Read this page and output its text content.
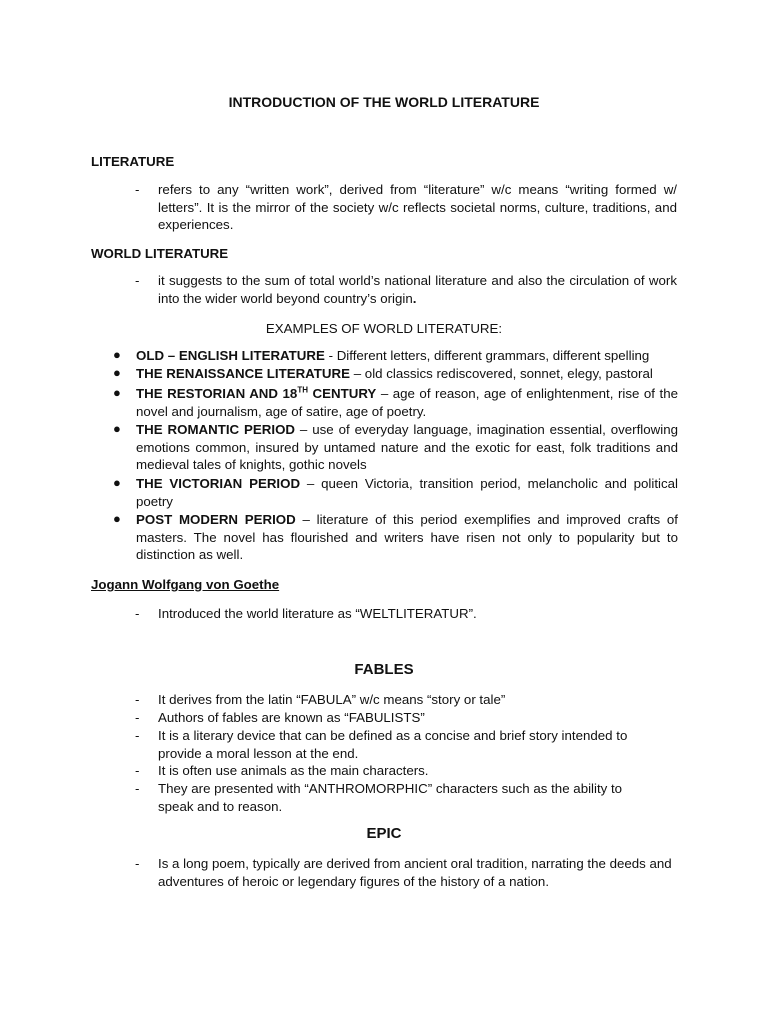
INTRODUCTION OF THE WORLD LITERATURE
LITERATURE
-	refers to any “written work”, derived from “literature” w/c means “writing formed w/ letters”. It is the mirror of the society w/c reflects societal norms, culture, traditions, and experiences.
WORLD LITERATURE
-	it suggests to the sum of total world’s national literature and also the circulation of work into the wider world beyond country’s origin.
EXAMPLES OF WORLD LITERATURE:
● OLD – ENGLISH LITERATURE - Different letters, different grammars, different spelling
● THE RENAISSANCE LITERATURE – old classics rediscovered, sonnet, elegy, pastoral
● THE RESTORIAN AND 18TH CENTURY – age of reason, age of enlightenment, rise of the novel and journalism, age of satire, age of poetry.
● THE ROMANTIC PERIOD – use of everyday language, imagination essential, overflowing emotions common, insured by untamed nature and the exotic for east, folk traditions and medieval tales of knights, gothic novels
● THE VICTORIAN PERIOD – queen Victoria, transition period, melancholic and political poetry
● POST MODERN PERIOD – literature of this period exemplifies and improved crafts of masters. The novel has flourished and writers have risen not only to popularity but to distinction as well.
Jogann Wolfgang von Goethe
-	Introduced the world literature as “WELTLITERATUR”.
FABLES
- It derives from the latin “FABULA” w/c means “story or tale”
- Authors of fables are known as “FABULISTS”
- It is a literary device that can be defined as a concise and brief story intended to provide a moral lesson at the end.
- It is often use animals as the main characters.
- They are presented with “ANTHROMORPHIC” characters such as the ability to speak and to reason.
EPIC
- Is a long poem, typically are derived from ancient oral tradition, narrating the deeds and adventures of heroic or legendary figures of the history of a nation.
